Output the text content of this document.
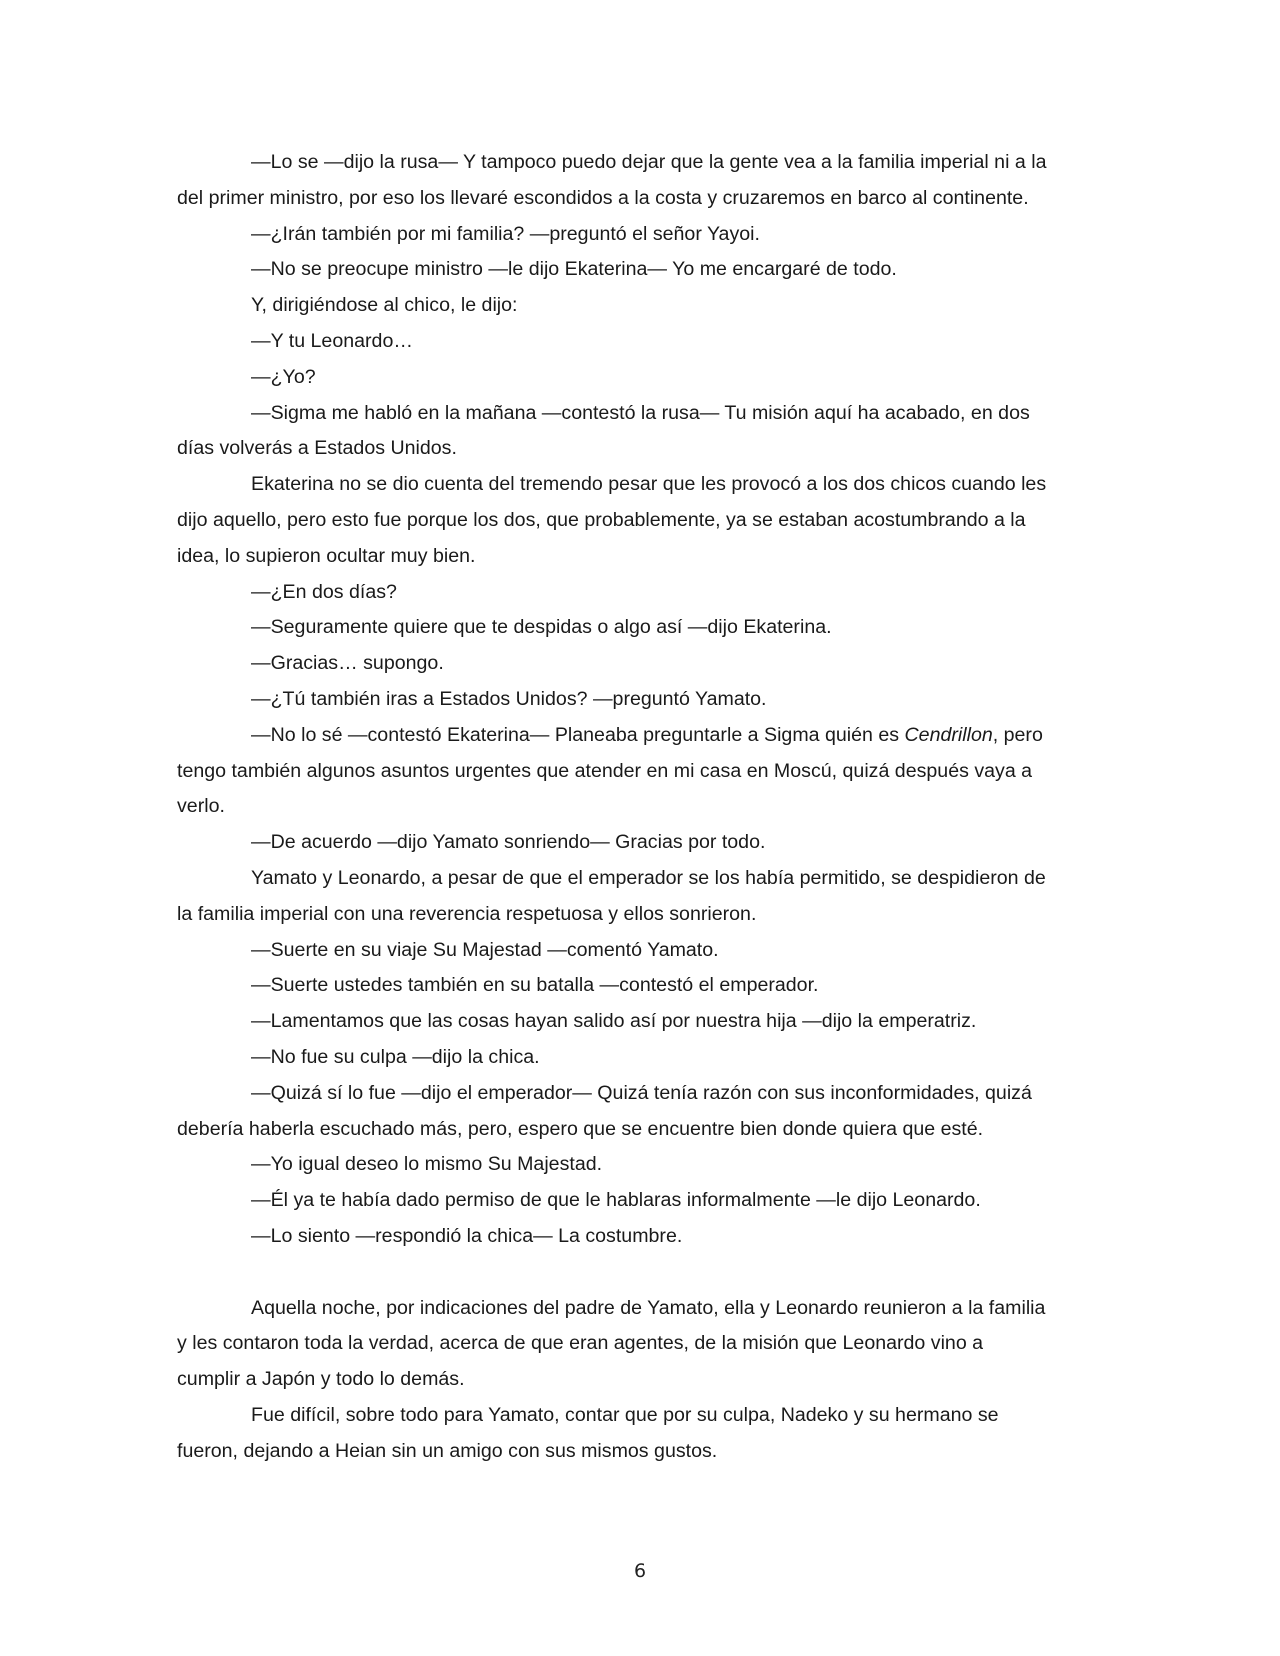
—Lo se —dijo la rusa— Y tampoco puedo dejar que la gente vea a la familia imperial ni a la
del primer ministro, por eso los llevaré escondidos a la costa y cruzaremos en barco al continente.

—¿Irán también por mi familia? —preguntó el señor Yayoi.

—No se preocupe ministro —le dijo Ekaterina— Yo me encargaré de todo.

Y, dirigiéndose al chico, le dijo:

—Y tu Leonardo…

—¿Yo?

—Sigma me habló en la mañana —contestó la rusa— Tu misión aquí ha acabado, en dos
días volverás a Estados Unidos.

Ekaterina no se dio cuenta del tremendo pesar que les provocó a los dos chicos cuando les
dijo aquello, pero esto fue porque los dos, que probablemente, ya se estaban acostumbrando a la
idea, lo supieron ocultar muy bien.

—¿En dos días?

—Seguramente quiere que te despidas o algo así —dijo Ekaterina.

—Gracias… supongo.

—¿Tú también iras a Estados Unidos? —preguntó Yamato.

—No lo sé —contestó Ekaterina— Planeaba preguntarle a Sigma quién es Cendrillon, pero
tengo también algunos asuntos urgentes que atender en mi casa en Moscú, quizá después vaya a
verlo.

—De acuerdo —dijo Yamato sonriendo— Gracias por todo.

Yamato y Leonardo, a pesar de que el emperador se los había permitido, se despidieron de
la familia imperial con una reverencia respetuosa y ellos sonrieron.

—Suerte en su viaje Su Majestad —comentó Yamato.

—Suerte ustedes también en su batalla —contestó el emperador.

—Lamentamos que las cosas hayan salido así por nuestra hija —dijo la emperatriz.

—No fue su culpa —dijo la chica.

—Quizá sí lo fue —dijo el emperador— Quizá tenía razón con sus inconformidades, quizá
debería haberla escuchado más, pero, espero que se encuentre bien donde quiera que esté.

—Yo igual deseo lo mismo Su Majestad.

—Él ya te había dado permiso de que le hablaras informalmente —le dijo Leonardo.

—Lo siento —respondió la chica— La costumbre.

Aquella noche, por indicaciones del padre de Yamato, ella y Leonardo reunieron a la familia
y les contaron toda la verdad, acerca de que eran agentes, de la misión que Leonardo vino a
cumplir a Japón y todo lo demás.

Fue difícil, sobre todo para Yamato, contar que por su culpa, Nadeko y su hermano se
fueron, dejando a Heian sin un amigo con sus mismos gustos.

6
